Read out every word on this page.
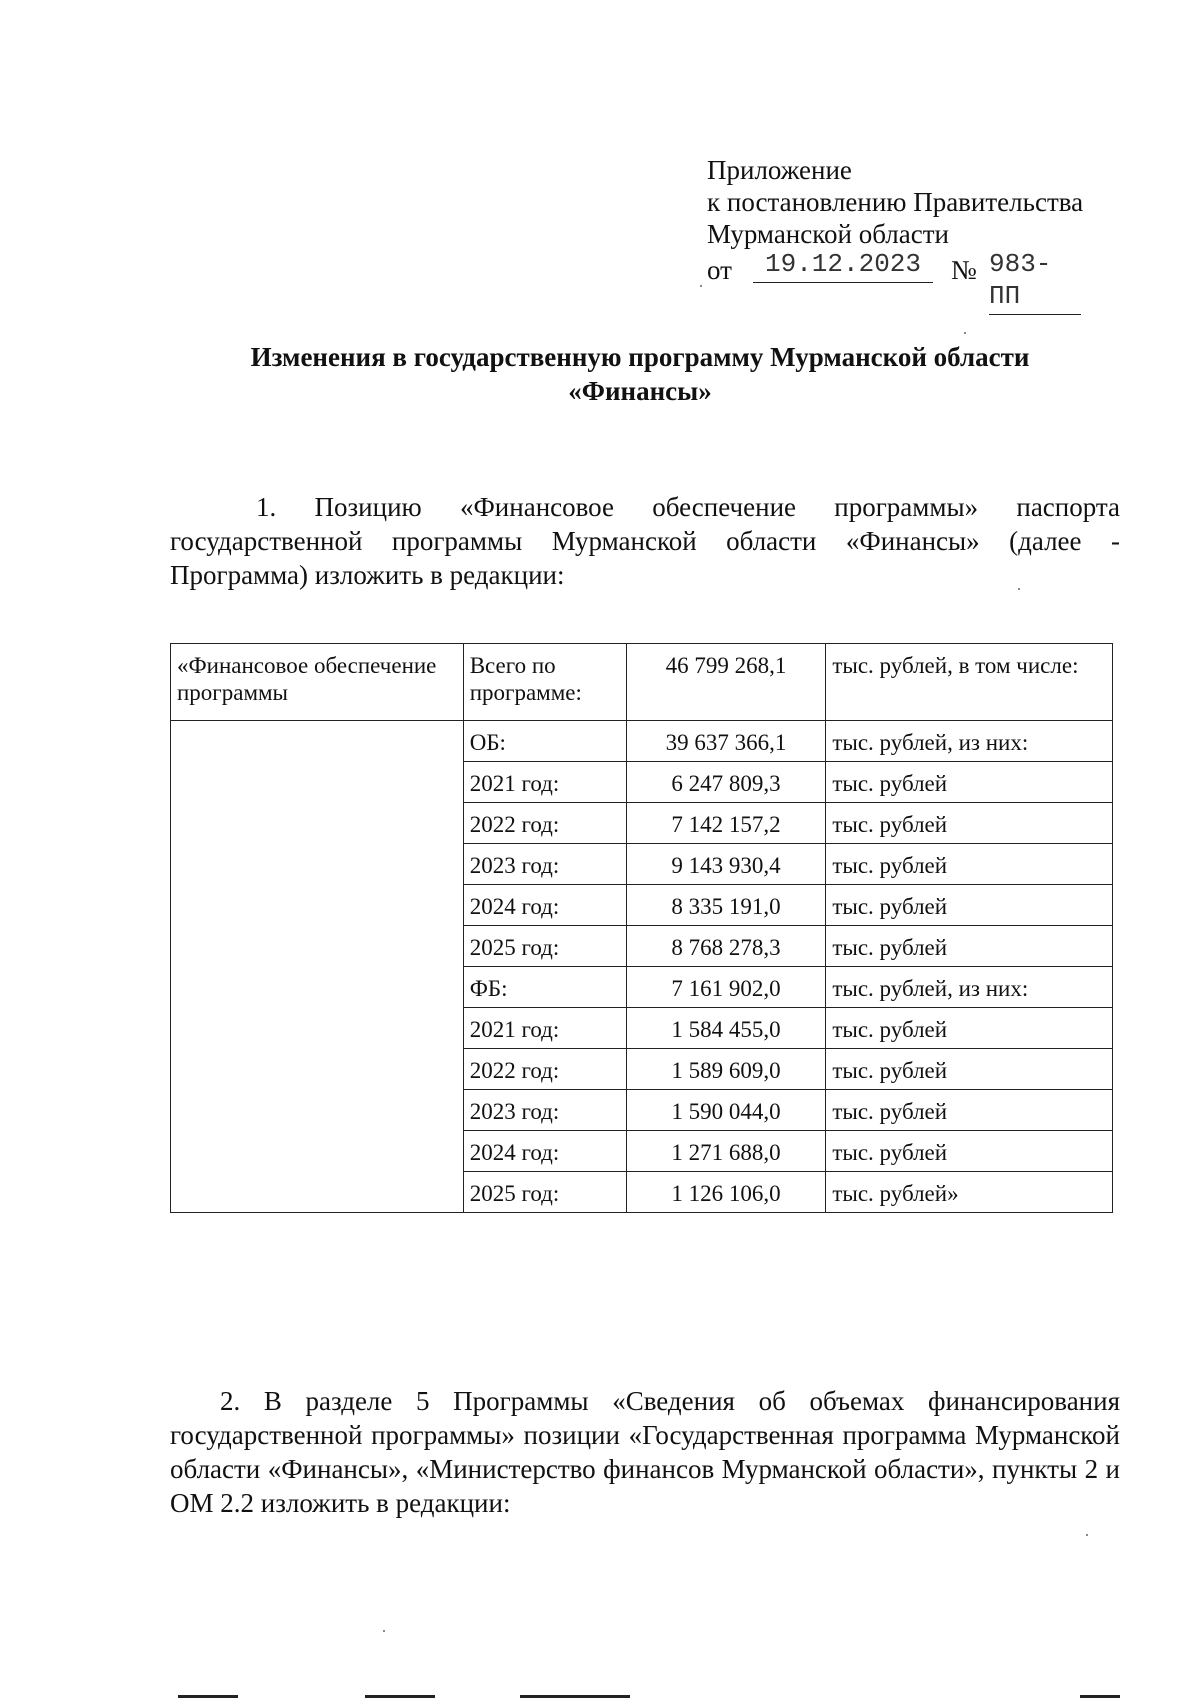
Приложение
к постановлению Правительства
Мурманской области
от	19.12.2023	№ 983-ПП
Изменения в государственную программу Мурманской области
«Финансы»
1. Позицию «Финансовое обеспечение программы» паспорта государственной программы Мурманской области «Финансы» (далее - Программа) изложить в редакции:
«Финансовое обеспечение программы	Всего по программе:	46 799 268,1	тыс. рублей, в том числе:
	ОБ:	39 637 366,1	тыс. рублей, из них:
	2021 год:	6 247 809,3	тыс. рублей
	2022 год:	7 142 157,2	тыс. рублей
	2023 год:	9 143 930,4	тыс. рублей
	2024 год:	8 335 191,0	тыс. рублей
	2025 год:	8 768 278,3	тыс. рублей
	ФБ:	7 161 902,0	тыс. рублей, из них:
	2021 год:	1 584 455,0	тыс. рублей
	2022 год:	1 589 609,0	тыс. рублей
	2023 год:	1 590 044,0	тыс. рублей
	2024 год:	1 271 688,0	тыс. рублей
	2025 год:	1 126 106,0	тыс. рублей»
2. В разделе 5 Программы «Сведения об объемах финансирования государственной программы» позиции «Государственная программа Мурманской области «Финансы», «Министерство финансов Мурманской области», пункты 2 и ОМ 2.2 изложить в редакции:
